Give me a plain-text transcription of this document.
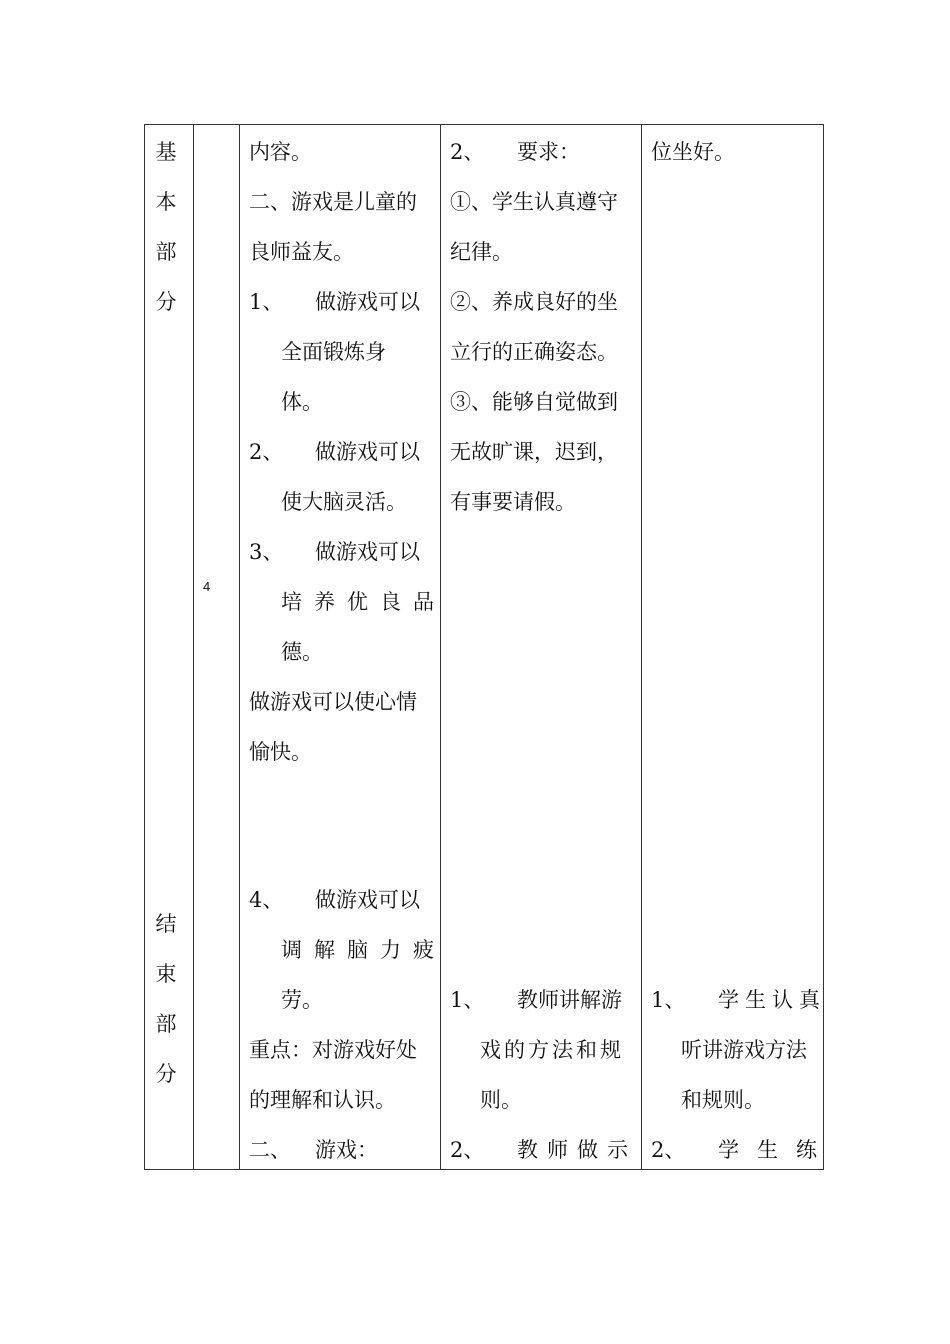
基
本
部
分
结
束
部
分
4
内容。
二、游戏是儿童的
良师益友。
1、 做游戏可以
全面锻炼身
体。
2、 做游戏可以
使大脑灵活。
3、 做游戏可以
培养优良品
德。
做游戏可以使心情
愉快。
4、 做游戏可以
调解脑力疲
劳。
重点：对游戏好处
的理解和认识。
二、 游戏：
2、 要求：
①、学生认真遵守
纪律。
②、养成良好的坐
立行的正确姿态。
③、能够自觉做到
无故旷课，迟到，
有事要请假。
1、 教师讲解游
戏的方法和规
则。
2、 教师做示
位坐好。
1、 学生认真
听讲游戏方法
和规则。
2、 学生练
